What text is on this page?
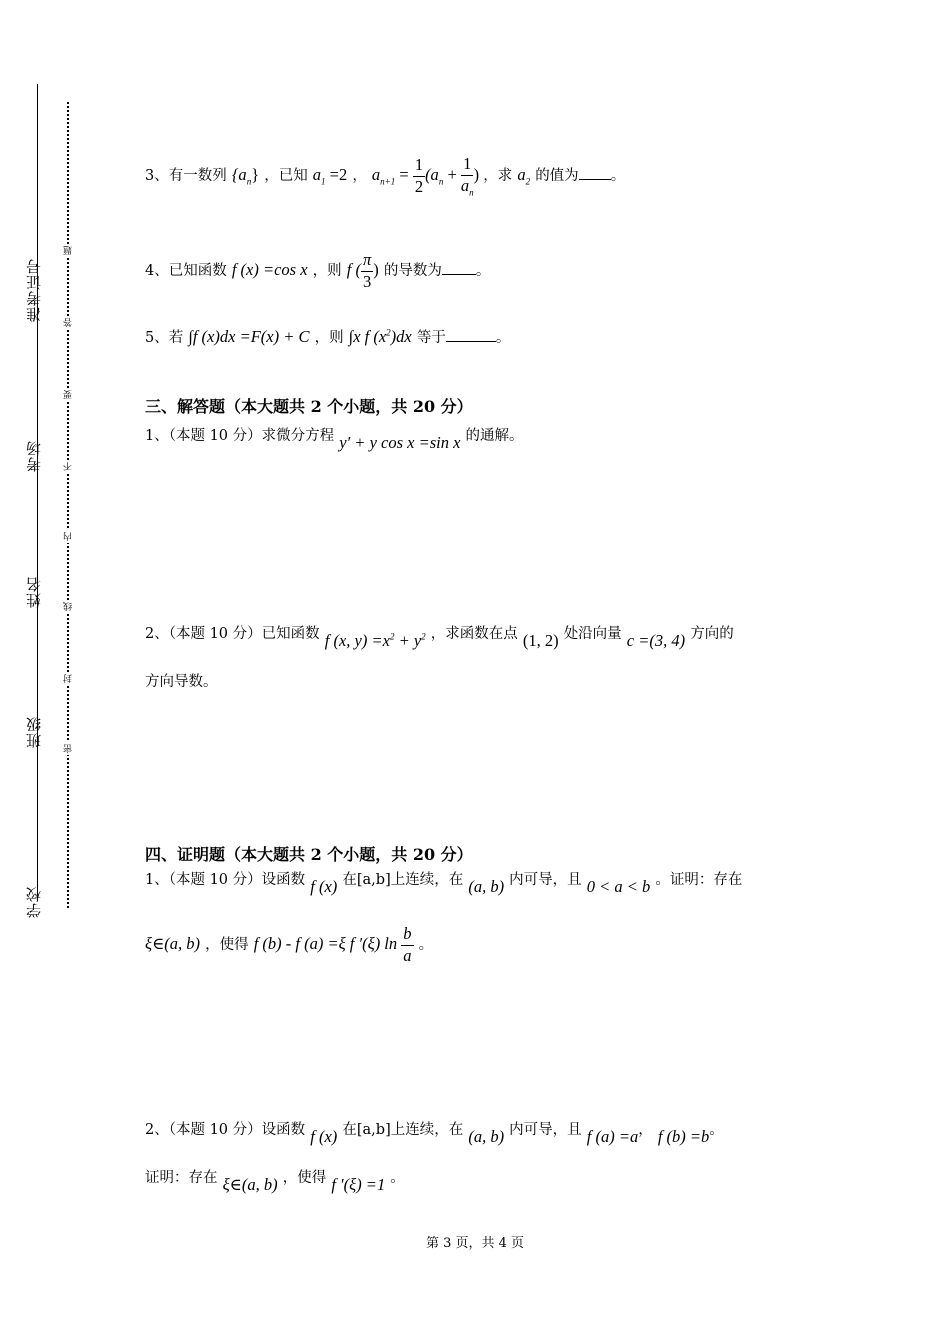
准考证号
考场
姓名
班级
学校
题
答
要
不
内
线
封
密
3、有一数列 $\{a_n\}$ ，已知 $a_1 =2$ ， $a_{n+1} = \frac{1}{2} (a_n + \frac{1}{a_n}$ ) ，求 $a_2$ 的值为 。
4、已知函数 f (x) =cos x ，则 f ( $\frac{\pi}{3}$ ) 的导数为 。
5、若 ∫f (x)dx =F(x) + C ，则 ∫x f $(x^2)dx$ 等于	。
三、解答题（本大题共 2 个小题，共 20 分）
1、（本题 10 分）求微分方程 y′ + y cos x =sin x 的通解。
2、（本题 10 分）已知函数 f (x, $y) =x^2 + y^2$ ，求函数在点 (1, 2) 处沿向量 c =(3, 4) 方向的
方向导数。
四、证明题（本大题共 2 个小题，共 20 分）
1、（本题 10 分）设函数 f (x) 在[a,b]上连续，在 (a, b) 内可导，且 0 < a < b 。证明：存在
ξ∈(a, b) ，使得 f (b) - f (a) =ξ f ′(ξ) $\ln \frac{b}{a}$ 。
2、（本题 10 分）设函数 f (x) 在[a,b]上连续，在 (a, b) 内可导，且 f (a) =a， f (b) =b。
证明：存在 ξ∈(a, b) ，使得 f ′(ξ) =1 。
第 3 页，共 4 页
